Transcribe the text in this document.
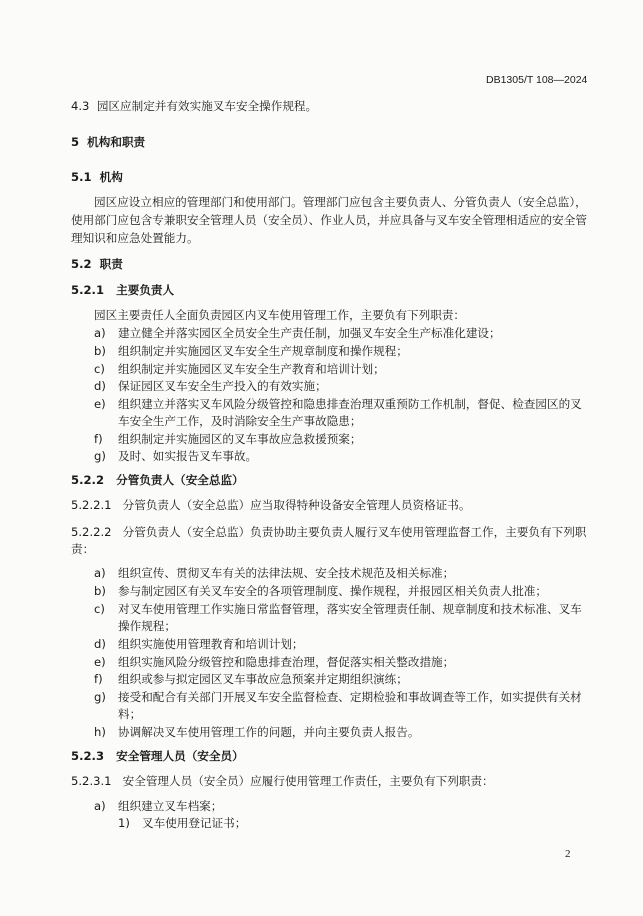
DB1305/T 108—2024

4.3 园区应制定并有效实施叉车安全操作规程。

5 机构和职责

5.1 机构

园区应设立相应的管理部门和使用部门。管理部门应包含主要负责人、分管负责人（安全总监），

使用部门应包含专兼职安全管理人员（安全员）、作业人员，并应具备与叉车安全管理相适应的安全管

理知识和应急处置能力。

5.2 职责

5.2.1 主要负责人

园区主要责任人全面负责园区内叉车使用管理工作，主要负有下列职责：

a) 建立健全并落实园区全员安全生产责任制，加强叉车安全生产标准化建设；
b) 组织制定并实施园区叉车安全生产规章制度和操作规程；
c) 组织制定并实施园区叉车安全生产教育和培训计划；
d) 保证园区叉车安全生产投入的有效实施；
e) 组织建立并落实叉车风险分级管控和隐患排查治理双重预防工作机制，督促、检查园区的叉
车安全生产工作，及时消除安全生产事故隐患；
f) 组织制定并实施园区的叉车事故应急救援预案；
g) 及时、如实报告叉车事故。

5.2.2 分管负责人（安全总监）

5.2.2.1 分管负责人（安全总监）应当取得特种设备安全管理人员资格证书。

5.2.2.2 分管负责人（安全总监）负责协助主要负责人履行叉车使用管理监督工作，主要负有下列职

责：

a) 组织宣传、贯彻叉车有关的法律法规、安全技术规范及相关标准；
b) 参与制定园区有关叉车安全的各项管理制度、操作规程，并报园区相关负责人批准；
c) 对叉车使用管理工作实施日常监督管理，落实安全管理责任制、规章制度和技术标准、叉车
操作规程；
d) 组织实施使用管理教育和培训计划；
e) 组织实施风险分级管控和隐患排查治理，督促落实相关整改措施；
f) 组织或参与拟定园区叉车事故应急预案并定期组织演练；
g) 接受和配合有关部门开展叉车安全监督检查、定期检验和事故调查等工作，如实提供有关材
料；
h) 协调解决叉车使用管理工作的问题，并向主要负责人报告。

5.2.3 安全管理人员（安全员）

5.2.3.1 安全管理人员（安全员）应履行使用管理工作责任，主要负有下列职责：

a) 组织建立叉车档案；
1) 叉车使用登记证书；

2
